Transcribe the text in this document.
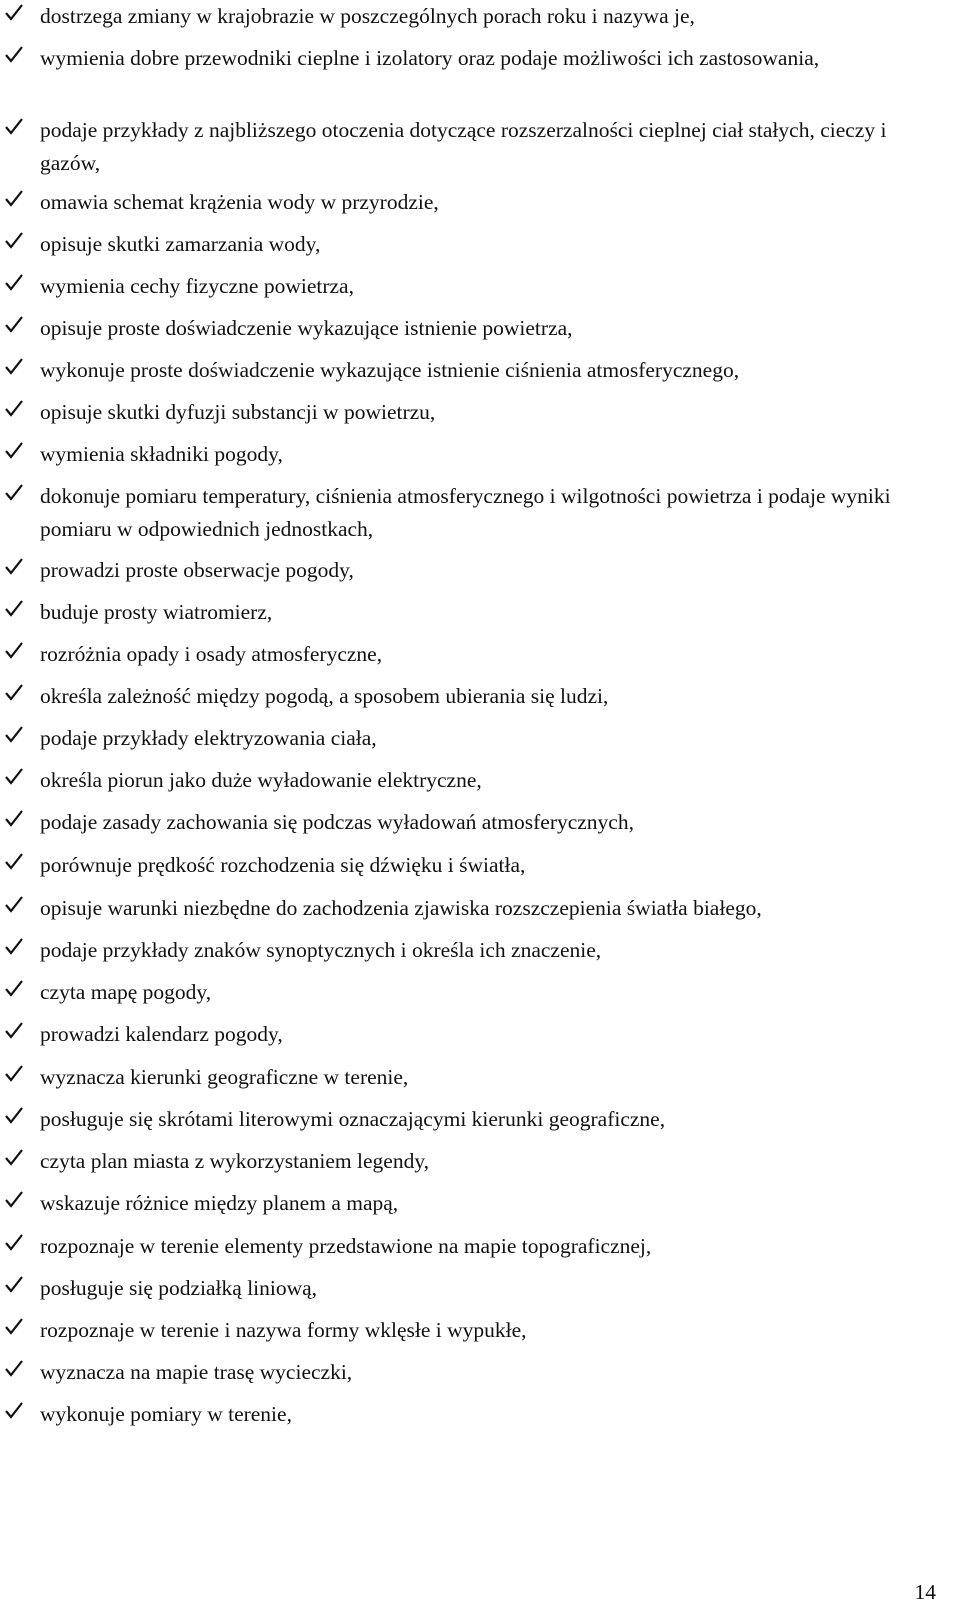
dostrzega zmiany w krajobrazie w poszczególnych porach roku i nazywa je,
wymienia dobre przewodniki cieplne i izolatory oraz podaje możliwości ich zastosowania,
podaje przykłady z najbliższego otoczenia dotyczące rozszerzalności cieplnej ciał stałych, cieczy i gazów,
omawia schemat krążenia wody w przyrodzie,
opisuje skutki zamarzania wody,
wymienia cechy fizyczne powietrza,
opisuje proste doświadczenie wykazujące istnienie powietrza,
wykonuje proste doświadczenie wykazujące istnienie ciśnienia atmosferycznego,
opisuje skutki dyfuzji substancji w powietrzu,
wymienia składniki pogody,
dokonuje pomiaru temperatury, ciśnienia atmosferycznego i wilgotności powietrza i podaje wyniki pomiaru w odpowiednich jednostkach,
prowadzi proste obserwacje pogody,
buduje prosty wiatromierz,
rozróżnia opady i osady atmosferyczne,
określa zależność między pogodą, a sposobem ubierania się ludzi,
podaje przykłady elektryzowania ciała,
określa piorun jako duże wyładowanie elektryczne,
podaje zasady zachowania się podczas wyładowań atmosferycznych,
porównuje prędkość rozchodzenia się dźwięku i światła,
opisuje warunki niezbędne do zachodzenia zjawiska rozszczepienia światła białego,
podaje przykłady znaków synoptycznych i określa ich znaczenie,
czyta mapę pogody,
prowadzi kalendarz pogody,
wyznacza kierunki geograficzne w terenie,
posługuje się skrótami literowymi oznaczającymi kierunki geograficzne,
czyta plan miasta z wykorzystaniem legendy,
wskazuje różnice między planem a mapą,
rozpoznaje w terenie elementy przedstawione na mapie topograficznej,
posługuje się podziałką liniową,
rozpoznaje w terenie i nazywa formy wklęsłe i wypukłe,
wyznacza na mapie trasę wycieczki,
wykonuje pomiary w terenie,
14
